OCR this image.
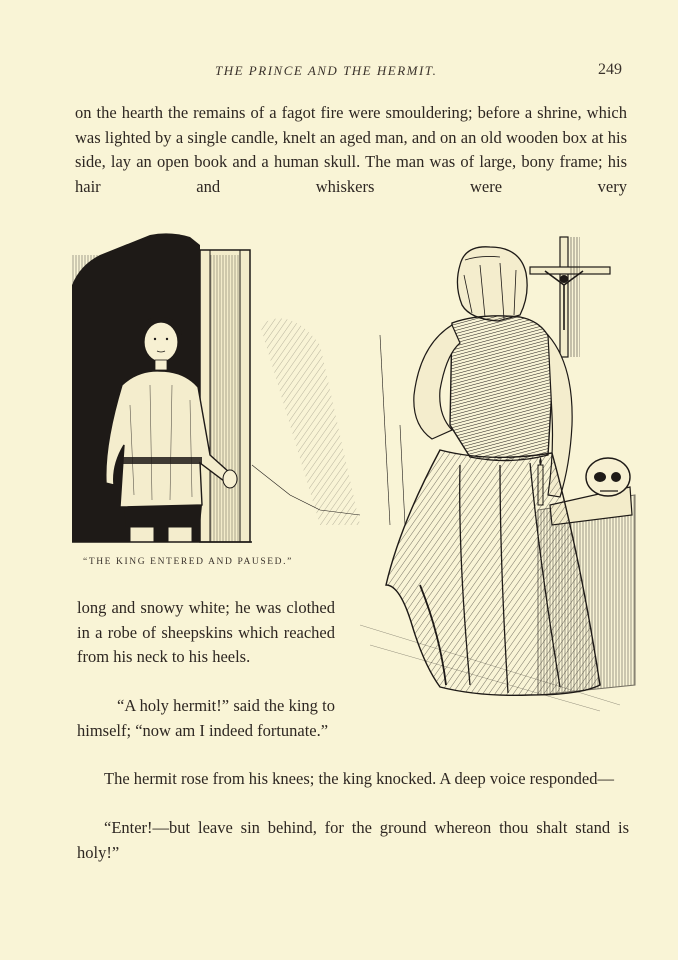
THE PRINCE AND THE HERMIT.	249

on the hearth the remains of a fagot fire were smouldering; before a shrine, which was lighted by a single candle, knelt an aged man, and on an old wooden box at his side, lay an open book and a human skull. The man was of large, bony frame; his hair and whiskers were very

“THE KING ENTERED AND PAUSED.”

long and snowy white; he was clothed in a robe of sheepskins which reached from his neck to his heels.

“A holy hermit!” said the king to himself; “now am I indeed fortunate.”

The hermit rose from his knees; the king knocked. A deep voice responded—

“Enter!—but leave sin behind, for the ground whereon thou shalt stand is holy!”
